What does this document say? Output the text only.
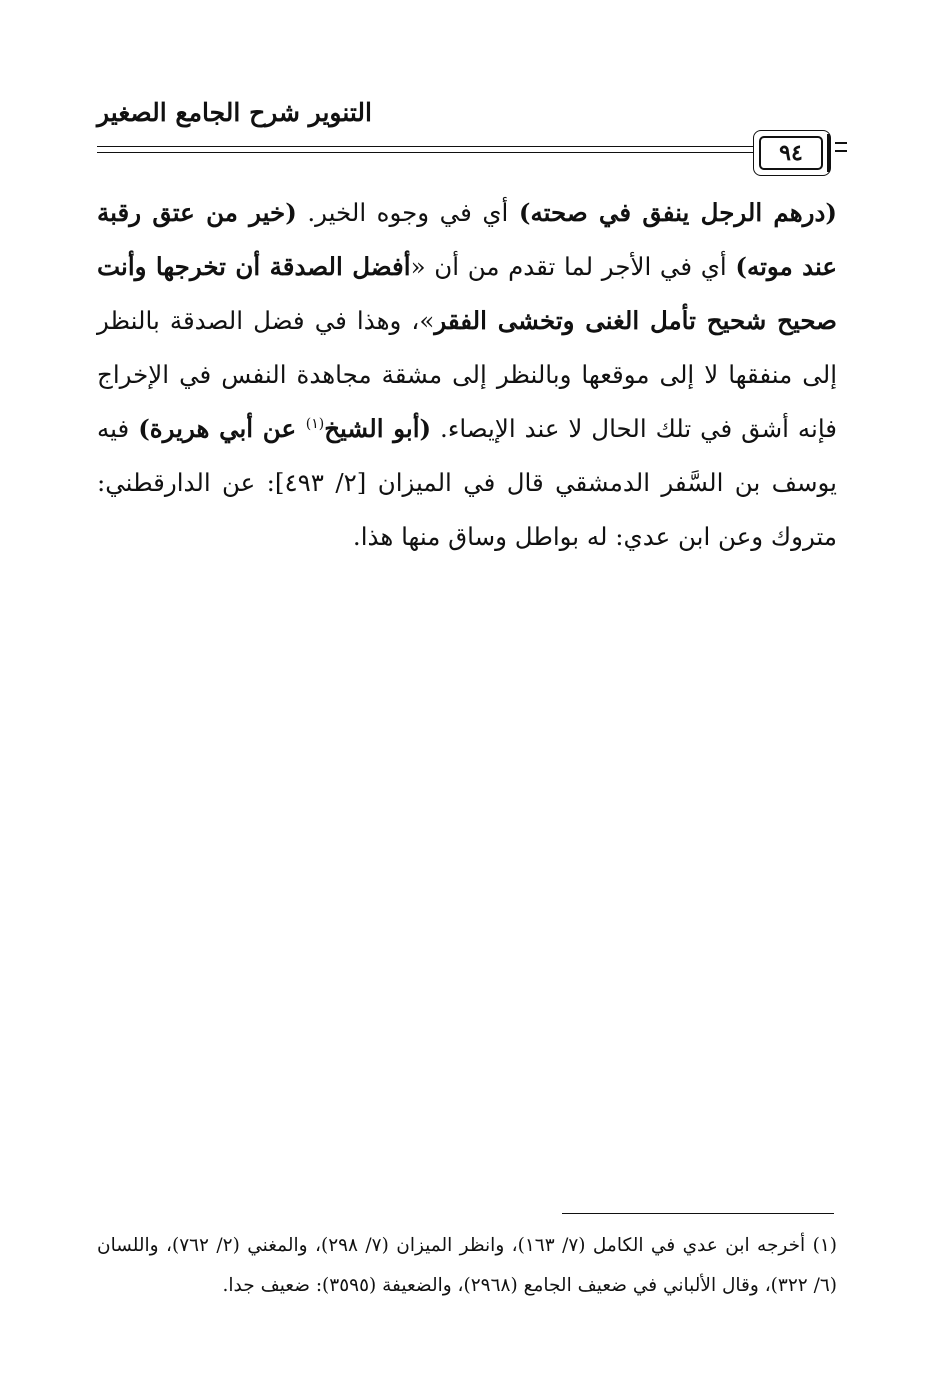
التنوير شرح الجامع الصغير
٩٤
(درهم الرجل ينفق في صحته) أي في وجوه الخير. (خير من عتق رقبة عند موته) أي في الأجر لما تقدم من أن «أفضل الصدقة أن تخرجها وأنت صحيح شحيح تأمل الغنى وتخشى الفقر»، وهذا في فضل الصدقة بالنظر إلى منفقها لا إلى موقعها وبالنظر إلى مشقة مجاهدة النفس في الإخراج فإنه أشق في تلك الحال لا عند الإيصاء. (أبو الشيخ$^{(١)}$ عن أبي هريرة) فيه يوسف بن السَّفر الدمشقي قال في الميزان [٢/ ٤٩٣]: عن الدارقطني: متروك وعن ابن عدي: له بواطل وساق منها هذا.
(١) أخرجه ابن عدي في الكامل (٧/ ١٦٣)، وانظر الميزان (٧/ ٢٩٨)، والمغني (٢/ ٧٦٢)، واللسان (٦/ ٣٢٢)، وقال الألباني في ضعيف الجامع (٢٩٦٨)، والضعيفة (٣٥٩٥): ضعيف جدا.
